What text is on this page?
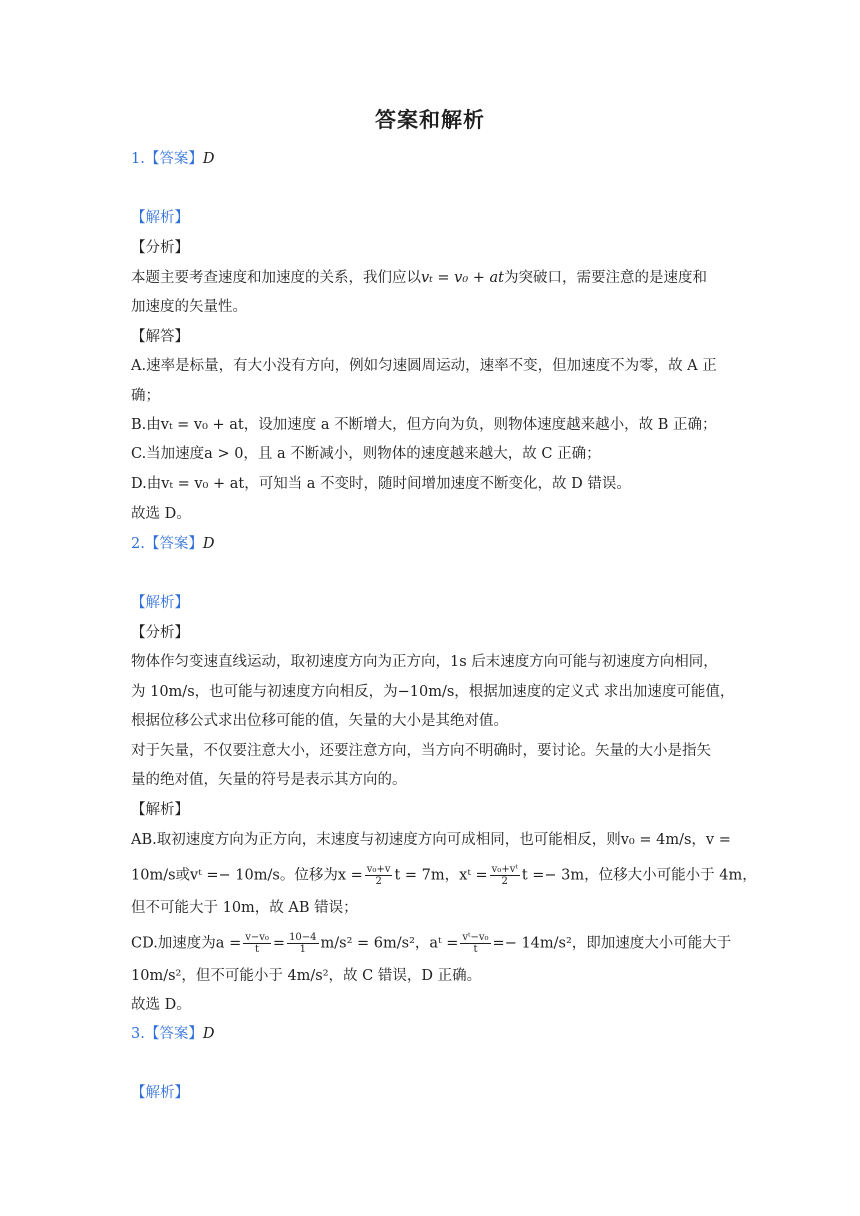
答案和解析
1.【答案】D
【解析】
【分析】
本题主要考查速度和加速度的关系，我们应以vₜ = v₀ + at为突破口，需要注意的是速度和
加速度的矢量性。
【解答】
A.速率是标量，有大小没有方向，例如匀速圆周运动，速率不变，但加速度不为零，故 A 正
确；
B.由vₜ = v₀ + at，设加速度 a 不断增大，但方向为负，则物体速度越来越小，故 B 正确；
C.当加速度a > 0，且 a 不断减小，则物体的速度越来越大，故 C 正确；
D.由vₜ = v₀ + at，可知当 a 不变时，随时间增加速度不断变化，故 D 错误。
故选 D。
2.【答案】D
【解析】
【分析】
物体作匀变速直线运动，取初速度方向为正方向，1s 后末速度方向可能与初速度方向相同，
为 10m/s，也可能与初速度方向相反，为−10m/s，根据加速度的定义式 求出加速度可能值，
根据位移公式求出位移可能的值，矢量的大小是其绝对值。
对于矢量，不仅要注意大小，还要注意方向，当方向不明确时，要讨论。矢量的大小是指矢
量的绝对值，矢量的符号是表示其方向的。
【解析】
AB.取初速度方向为正方向，末速度与初速度方向可成相同，也可能相反，则v₀ = 4m/s，v =
10m/s或vᵗ =− 10m/s。位移为$x = \frac{\text{v₀+v}}{2}$ t = 7m，xᵗ = $\frac{\text{v₀+vᵗ}}{2}$ t =− 3m，位移大小可能小于 4m，
但不可能大于 10m，故 AB 错误；
CD.加速度为$a = \frac{\text{v−v₀}}{t} = \frac{10-4}{1} m/s^2 = 6m/s^2$，aᵗ = $\frac{\text{vᵗ−v₀}}{t} =- 14m/s^2$，即加速度大小可能大于
10m/s²，但不可能小于 4m/s²，故 C 错误，D 正确。
故选 D。
3.【答案】D
【解析】
